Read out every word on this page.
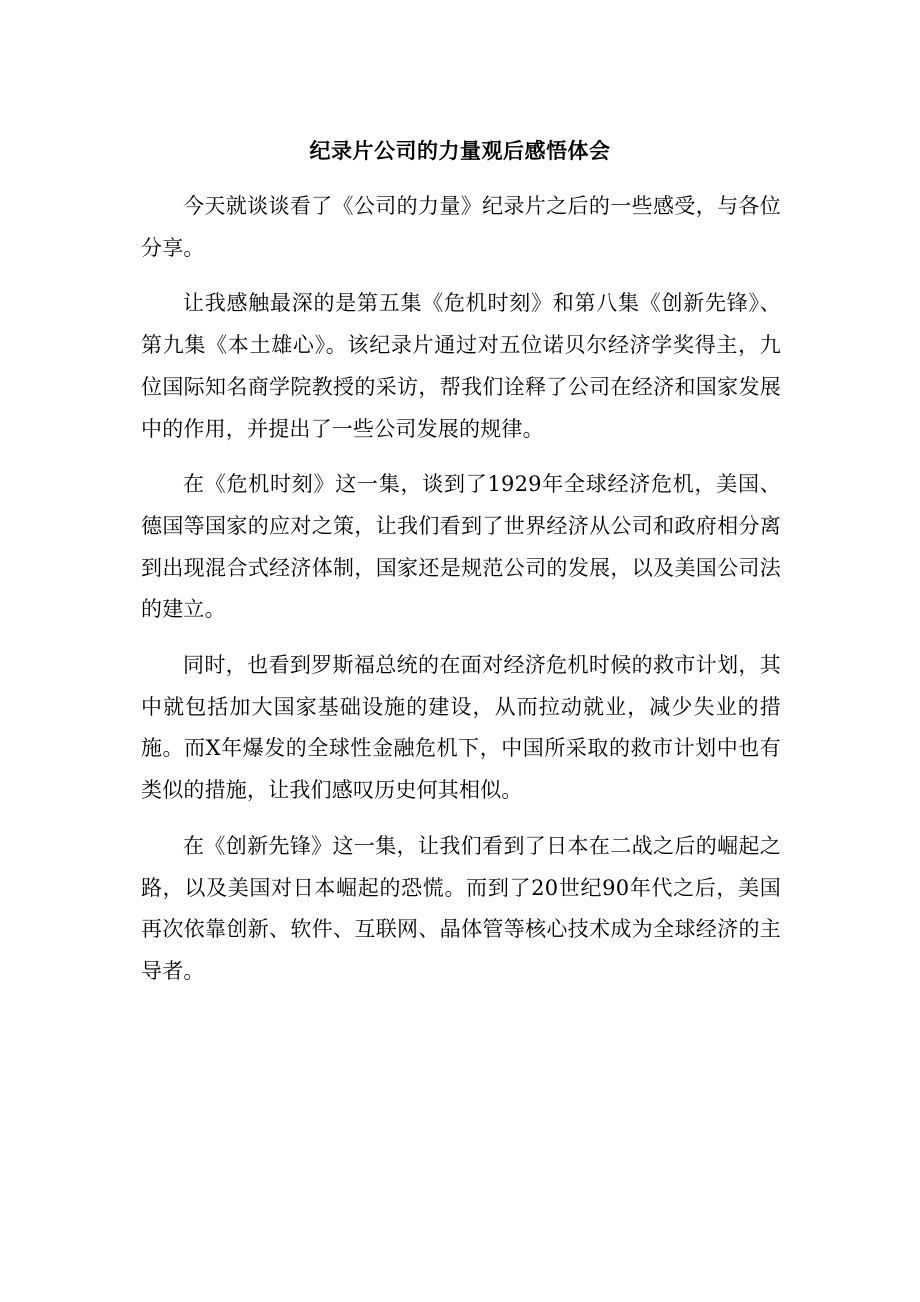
纪录片公司的力量观后感悟体会

今天就谈谈看了《公司的力量》纪录片之后的一些感受，与各位分享。

让我感触最深的是第五集《危机时刻》和第八集《创新先锋》、第九集《本土雄心》。该纪录片通过对五位诺贝尔经济学奖得主，九位国际知名商学院教授的采访，帮我们诠释了公司在经济和国家发展中的作用，并提出了一些公司发展的规律。

在《危机时刻》这一集，谈到了1929年全球经济危机，美国、德国等国家的应对之策，让我们看到了世界经济从公司和政府相分离到出现混合式经济体制，国家还是规范公司的发展，以及美国公司法的建立。

同时，也看到罗斯福总统的在面对经济危机时候的救市计划，其中就包括加大国家基础设施的建设，从而拉动就业，减少失业的措施。而X年爆发的全球性金融危机下，中国所采取的救市计划中也有类似的措施，让我们感叹历史何其相似。

在《创新先锋》这一集，让我们看到了日本在二战之后的崛起之路，以及美国对日本崛起的恐慌。而到了20世纪90年代之后，美国再次依靠创新、软件、互联网、晶体管等核心技术成为全球经济的主导者。
